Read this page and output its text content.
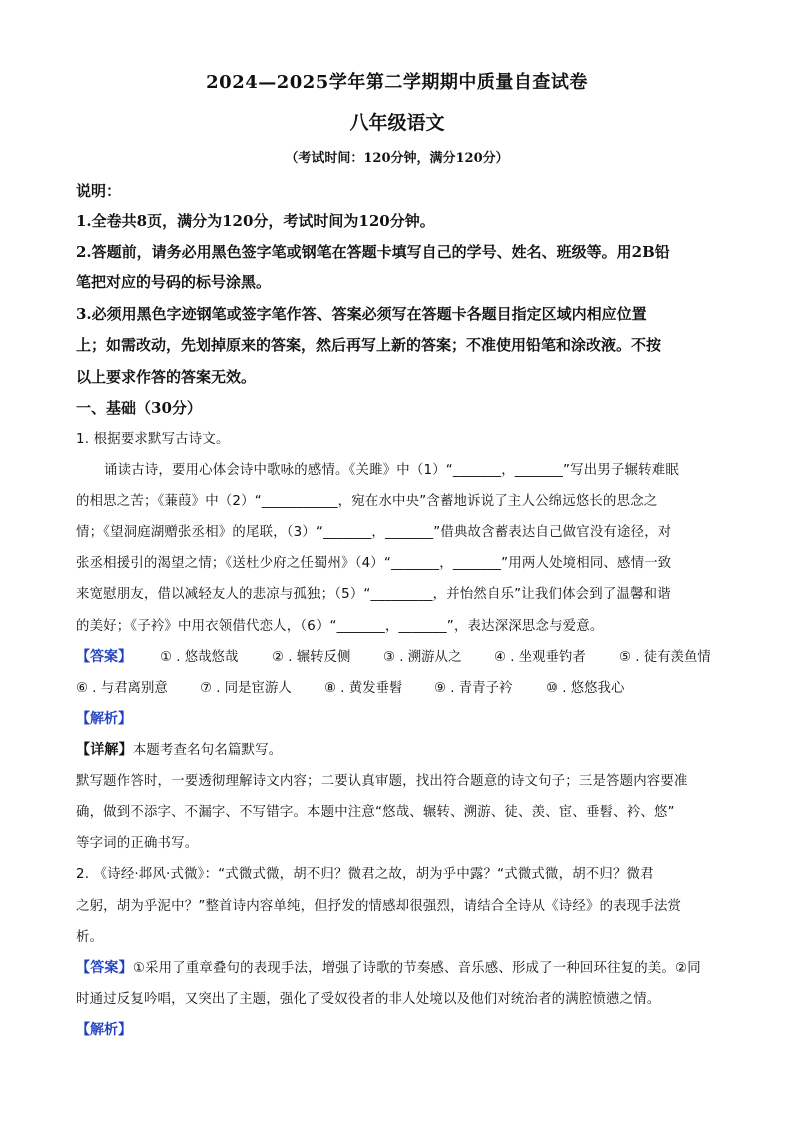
2024—2025学年第二学期期中质量自查试卷
八年级语文
（考试时间：120分钟，满分120分）
说明：
1.全卷共8页，满分为120分，考试时间为120分钟。
2.答题前，请务必用黑色签字笔或钢笔在答题卡填写自己的学号、姓名、班级等。用2B铅
笔把对应的号码的标号涂黑。
3.必须用黑色字迹钢笔或签字笔作答、答案必须写在答题卡各题目指定区域内相应位置
上；如需改动，先划掉原来的答案，然后再写上新的答案；不准使用铅笔和涂改液。不按
以上要求作答的答案无效。
一、基础（30分）
1. 根据要求默写古诗文。
诵读古诗，要用心体会诗中歌咏的感情。《关雎》中（1）“_______，_______”写出男子辗转难眠
的相思之苦；《蒹葭》中（2）“___________，宛在水中央”含蓄地诉说了主人公绵远悠长的思念之
情；《望洞庭湖赠张丞相》的尾联，（3）“_______，_______”借典故含蓄表达自己做官没有途径，对
张丞相援引的渴望之情；《送杜少府之任蜀州》（4）“_______，_______”用两人处境相同、感情一致
来宽慰朋友，借以减轻友人的悲凉与孤独；（5）“_________，并怡然自乐”让我们体会到了温馨和谐
的美好；《子衿》中用衣领借代恋人，（6）“_______，_______”，表达深深思念与爱意。
【答案】 ① . 悠哉悠哉	② . 辗转反侧 ③ . 溯游从之 ④ . 坐观垂钓者 ⑤ . 徒有羡鱼情
⑥ . 与君离别意 ⑦ . 同是宦游人 ⑧ . 黄发垂髫 ⑨ . 青青子衿	⑩ . 悠悠我心
【解析】
【详解】本题考查名句名篇默写。
默写题作答时，一要透彻理解诗文内容；二要认真审题，找出符合题意的诗文句子；三是答题内容要准
确，做到不添字、不漏字、不写错字。本题中注意“悠哉、辗转、溯游、徒、羡、宦、垂髫、衿、悠”
等字词的正确书写。
2. 《诗经·邶风·式微》：“式微式微，胡不归？微君之故，胡为乎中露？“式微式微，胡不归？微君
之躬，胡为乎泥中？”整首诗内容单纯，但抒发的情感却很强烈，请结合全诗从《诗经》的表现手法赏
析。
【答案】①采用了重章叠句的表现手法，增强了诗歌的节奏感、音乐感、形成了一种回环往复的美。②同
时通过反复吟唱，又突出了主题，强化了受奴役者的非人处境以及他们对统治者的满腔愤懑之情。
【解析】
